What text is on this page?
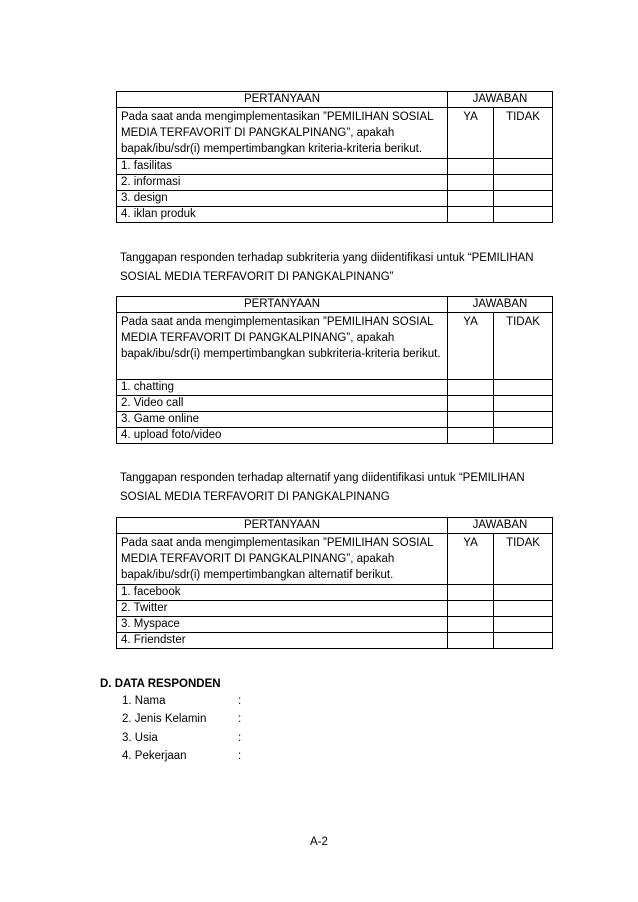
PERTANYAAN	JAWABAN	
Pada saat anda mengimplementasikan ”PEMILIHAN SOSIAL MEDIA TERFAVORIT DI PANGKALPINANG”, apakah bapak/ibu/sdr(i) mempertimbangkan kriteria-kriteria berikut.	YA	TIDAK
1. fasilitas		
2. informasi		
3. design		
4. iklan produk		
Tanggapan responden terhadap subkriteria yang diidentifikasi untuk “PEMILIHAN SOSIAL MEDIA TERFAVORIT DI PANGKALPINANG”
PERTANYAAN	JAWABAN	
Pada saat anda mengimplementasikan ”PEMILIHAN SOSIAL MEDIA TERFAVORIT DI PANGKALPINANG”, apakah bapak/ibu/sdr(i) mempertimbangkan subkriteria-kriteria berikut.	YA	TIDAK
1. chatting		
2. Video call		
3. Game online		
4. upload foto/video		
Tanggapan responden terhadap alternatif yang diidentifikasi untuk “PEMILIHAN SOSIAL MEDIA TERFAVORIT DI PANGKALPINANG
PERTANYAAN	JAWABAN	
Pada saat anda mengimplementasikan ”PEMILIHAN SOSIAL MEDIA TERFAVORIT DI PANGKALPINANG”, apakah bapak/ibu/sdr(i) mempertimbangkan alternatif berikut.	YA	TIDAK
1. facebook		
2. Twitter		
3. Myspace		
4. Friendster		
D. DATA RESPONDEN
1. Nama	:
2. Jenis Kelamin	:
3. Usia	:
4. Pekerjaan	:
A-2
